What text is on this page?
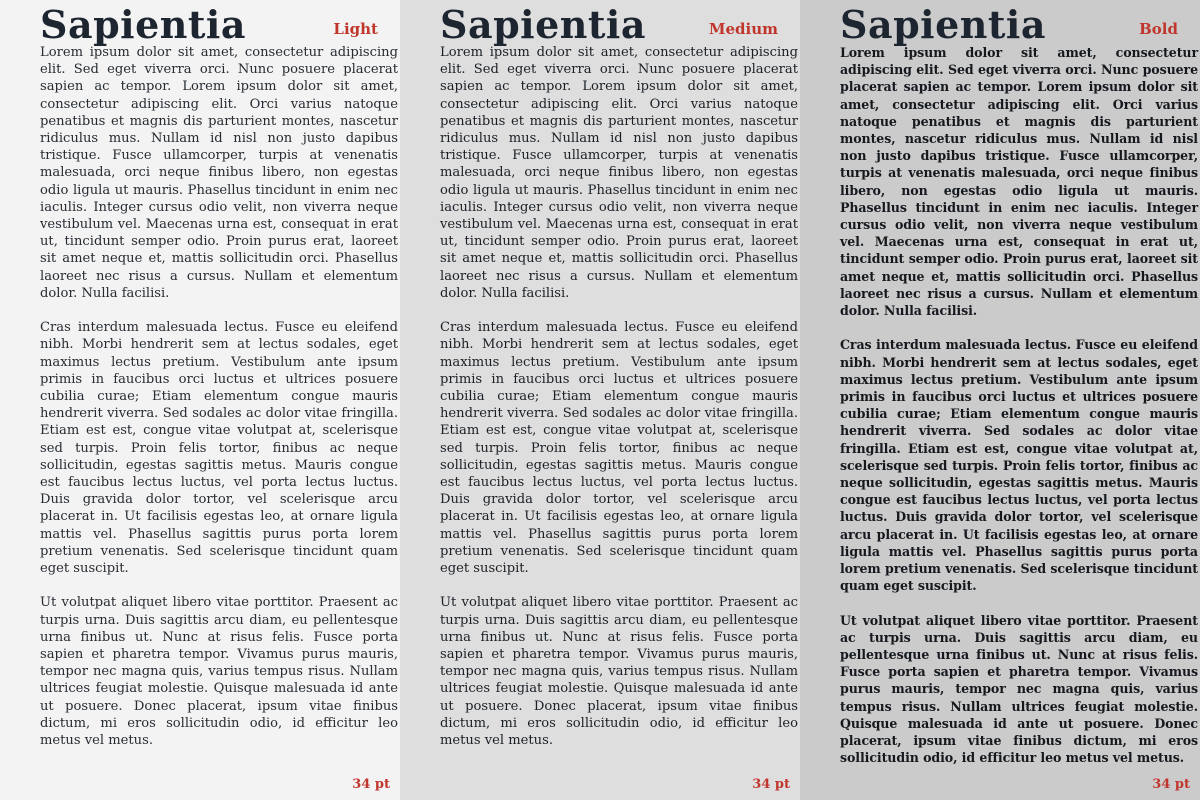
Sapientia	Light

Lorem ipsum dolor sit amet, consectetur adipiscing elit. Sed eget viverra orci. Nunc posuere placerat sapien ac tempor. Lorem ipsum dolor sit amet, consectetur adipiscing elit. Orci varius natoque penatibus et magnis dis parturient montes, nascetur ridiculus mus. Nullam id nisl non justo dapibus tristique. Fusce ullamcorper, turpis at venenatis malesuada, orci neque finibus libero, non egestas odio ligula ut mauris. Phasellus tincidunt in enim nec iaculis. Integer cursus odio velit, non viverra neque vestibulum vel. Maecenas urna est, consequat in erat ut, tincidunt semper odio. Proin purus erat, laoreet sit amet neque et, mattis sollicitudin orci. Phasellus laoreet nec risus a cursus. Nullam et elementum dolor. Nulla facilisi.

Cras interdum malesuada lectus. Fusce eu eleifend nibh. Morbi hendrerit sem at lectus sodales, eget maximus lectus pretium. Vestibulum ante ipsum primis in faucibus orci luctus et ultrices posuere cubilia curae; Etiam elementum congue mauris hendrerit viverra. Sed sodales ac dolor vitae fringilla. Etiam est est, congue vitae volutpat at, scelerisque sed turpis. Proin felis tortor, finibus ac neque sollicitudin, egestas sagittis metus. Mauris congue est faucibus lectus luctus, vel porta lectus luctus. Duis gravida dolor tortor, vel scelerisque arcu placerat in. Ut facilisis egestas leo, at ornare ligula mattis vel. Phasellus sagittis purus porta lorem pretium venenatis. Sed scelerisque tincidunt quam eget suscipit.

Ut volutpat aliquet libero vitae porttitor. Praesent ac turpis urna. Duis sagittis arcu diam, eu pellentesque urna finibus ut. Nunc at risus felis. Fusce porta sapien et pharetra tempor. Vivamus purus mauris, tempor nec magna quis, varius tempus risus. Nullam ultrices feugiat molestie. Quisque malesuada id ante ut posuere. Donec placerat, ipsum vitae finibus dictum, mi eros sollicitudin odio, id efficitur leo metus vel metus.

34 pt
Sapientia	Medium

Lorem ipsum dolor sit amet, consectetur adipiscing elit. Sed eget viverra orci. Nunc posuere placerat sapien ac tempor. Lorem ipsum dolor sit amet, consectetur adipiscing elit. Orci varius natoque penatibus et magnis dis parturient montes, nascetur ridiculus mus. Nullam id nisl non justo dapibus tristique. Fusce ullamcorper, turpis at venenatis malesuada, orci neque finibus libero, non egestas odio ligula ut mauris. Phasellus tincidunt in enim nec iaculis. Integer cursus odio velit, non viverra neque vestibulum vel. Maecenas urna est, consequat in erat ut, tincidunt semper odio. Proin purus erat, laoreet sit amet neque et, mattis sollicitudin orci. Phasellus laoreet nec risus a cursus. Nullam et elementum dolor. Nulla facilisi.

Cras interdum malesuada lectus. Fusce eu eleifend nibh. Morbi hendrerit sem at lectus sodales, eget maximus lectus pretium. Vestibulum ante ipsum primis in faucibus orci luctus et ultrices posuere cubilia curae; Etiam elementum congue mauris hendrerit viverra. Sed sodales ac dolor vitae fringilla. Etiam est est, congue vitae volutpat at, scelerisque sed turpis. Proin felis tortor, finibus ac neque sollicitudin, egestas sagittis metus. Mauris congue est faucibus lectus luctus, vel porta lectus luctus. Duis gravida dolor tortor, vel scelerisque arcu placerat in. Ut facilisis egestas leo, at ornare ligula mattis vel. Phasellus sagittis purus porta lorem pretium venenatis. Sed scelerisque tincidunt quam eget suscipit.

Ut volutpat aliquet libero vitae porttitor. Praesent ac turpis urna. Duis sagittis arcu diam, eu pellentesque urna finibus ut. Nunc at risus felis. Fusce porta sapien et pharetra tempor. Vivamus purus mauris, tempor nec magna quis, varius tempus risus. Nullam ultrices feugiat molestie. Quisque malesuada id ante ut posuere. Donec placerat, ipsum vitae finibus dictum, mi eros sollicitudin odio, id efficitur leo metus vel metus.

34 pt
Sapientia	Bold

Lorem ipsum dolor sit amet, consectetur adipiscing elit. Sed eget viverra orci. Nunc posuere placerat sapien ac tempor. Lorem ipsum dolor sit amet, consectetur adipiscing elit. Orci varius natoque penatibus et magnis dis parturient montes, nascetur ridiculus mus. Nullam id nisl non justo dapibus tristique. Fusce ullamcorper, turpis at venenatis malesuada, orci neque finibus libero, non egestas odio ligula ut mauris. Phasellus tincidunt in enim nec iaculis. Integer cursus odio velit, non viverra neque vestibulum vel. Maecenas urna est, consequat in erat ut, tincidunt semper odio. Proin purus erat, laoreet sit amet neque et, mattis sollicitudin orci. Phasellus laoreet nec risus a cursus. Nullam et elementum dolor. Nulla facilisi.

Cras interdum malesuada lectus. Fusce eu eleifend nibh. Morbi hendrerit sem at lectus sodales, eget maximus lectus pretium. Vestibulum ante ipsum primis in faucibus orci luctus et ultrices posuere cubilia curae; Etiam elementum congue mauris hendrerit viverra. Sed sodales ac dolor vitae fringilla. Etiam est est, congue vitae volutpat at, scelerisque sed turpis. Proin felis tortor, finibus ac neque sollicitudin, egestas sagittis metus. Mauris congue est faucibus lectus luctus, vel porta lectus luctus. Duis gravida dolor tortor, vel scelerisque arcu placerat in. Ut facilisis egestas leo, at ornare ligula mattis vel. Phasellus sagittis purus porta lorem pretium venenatis. Sed scelerisque tincidunt quam eget suscipit.

Ut volutpat aliquet libero vitae porttitor. Praesent ac turpis urna. Duis sagittis arcu diam, eu pellentesque urna finibus ut. Nunc at risus felis. Fusce porta sapien et pharetra tempor. Vivamus purus mauris, tempor nec magna quis, varius tempus risus. Nullam ultrices feugiat molestie. Quisque malesuada id ante ut posuere. Donec placerat, ipsum vitae finibus dictum, mi eros sollicitudin odio, id efficitur leo metus vel metus.

34 pt
